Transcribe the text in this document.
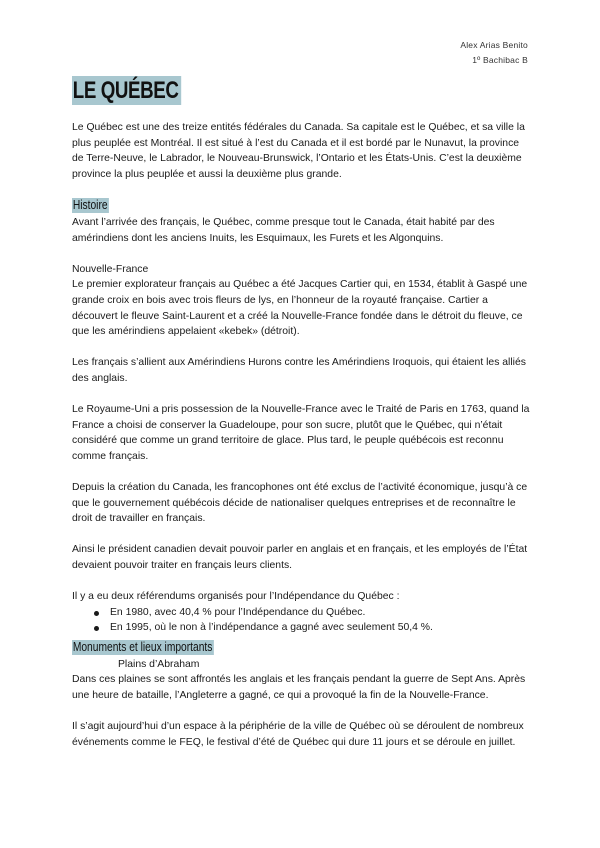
Alex Arias Benito
1º Bachibac B
LE QUÉBEC

Le Québec est une des treize entités fédérales du Canada. Sa capitale est le Québec, et sa ville la plus peuplée est Montréal. Il est situé à l’est du Canada et il est bordé par le Nunavut, la province de Terre-Neuve, le Labrador, le Nouveau-Brunswick, l’Ontario et les États-Unis. C’est la deuxième province la plus peuplée et aussi la deuxième plus grande.

Histoire

Avant l’arrivée des français, le Québec, comme presque tout le Canada, était habité par des amérindiens dont les anciens Inuits, les Esquimaux, les Furets et les Algonquins.

Nouvelle-France

Le premier explorateur français au Québec a été Jacques Cartier qui, en 1534, établit à Gaspé une grande croix en bois avec trois fleurs de lys, en l’honneur de la royauté française. Cartier a découvert le fleuve Saint-Laurent et a créé la Nouvelle-France fondée dans le détroit du fleuve, ce que les amérindiens appelaient «kebek» (détroit).

Les français s’allient aux Amérindiens Hurons contre les Amérindiens Iroquois, qui étaient les alliés des anglais.

Le Royaume-Uni a pris possession de la Nouvelle-France avec le Traité de Paris en 1763, quand la France a choisi de conserver la Guadeloupe, pour son sucre, plutôt que le Québec, qui n’était considéré que comme un grand territoire de glace. Plus tard, le peuple québécois est reconnu comme français.

Depuis la création du Canada, les francophones ont été exclus de l’activité économique, jusqu’à ce que le gouvernement québécois décide de nationaliser quelques entreprises et de reconnaître le droit de travailler en français.

Ainsi le président canadien devait pouvoir parler en anglais et en français, et les employés de l’État devaient pouvoir traiter en français leurs clients.

Il y a eu deux référendums organisés pour l’Indépendance du Québec :

En 1980, avec 40,4 % pour l’Indépendance du Québec.
En 1995, où le non à l’indépendance a gagné avec seulement 50,4 %.
Monuments et lieux importants

Plains d’Abraham

Dans ces plaines se sont affrontés les anglais et les français pendant la guerre de Sept Ans. Après une heure de bataille, l’Angleterre a gagné, ce qui a provoqué la fin de la Nouvelle-France.

Il s’agit aujourd’hui d’un espace à la périphérie de la ville de Québec où se déroulent de nombreux événements comme le FEQ, le festival d’été de Québec qui dure 11 jours et se déroule en juillet.
